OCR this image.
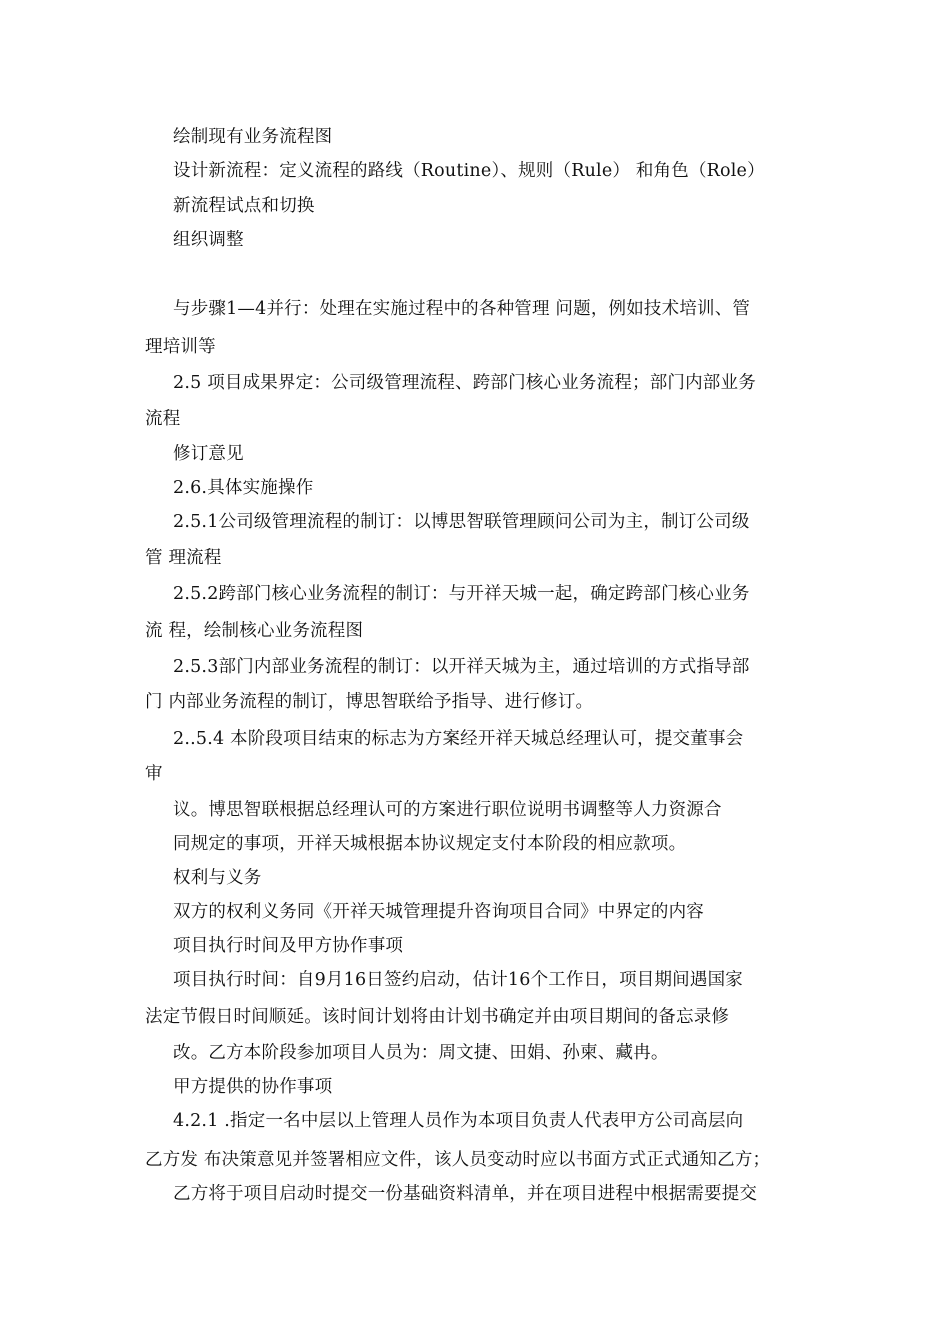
绘制现有业务流程图
设计新流程：定义流程的路线（Routine）、规则（Rule） 和角色（Role）
新流程试点和切换
组织调整
与步骤1—4并行：处理在实施过程中的各种管理 问题，例如技术培训、管
理培训等
2.5 项目成果界定：公司级管理流程、跨部门核心业务流程；部门内部业务
流程
修订意见
2.6.具体实施操作
2.5.1公司级管理流程的制订：以博思智联管理顾问公司为主，制订公司级
管 理流程
2.5.2跨部门核心业务流程的制订：与开祥天城一起，确定跨部门核心业务
流 程，绘制核心业务流程图
2.5.3部门内部业务流程的制订：以开祥天城为主，通过培训的方式指导部
门 内部业务流程的制订，博思智联给予指导、进行修订。
2..5.4 本阶段项目结束的标志为方案经开祥天城总经理认可，提交董事会
审
议。博思智联根据总经理认可的方案进行职位说明书调整等人力资源合
同规定的事项，开祥天城根据本协议规定支付本阶段的相应款项。
权利与义务
双方的权利义务同《开祥天城管理提升咨询项目合同》中界定的内容
项目执行时间及甲方协作事项
项目执行时间：自9月16日签约启动，估计16个工作日，项目期间遇国家
法定节假日时间顺延。该时间计划将由计划书确定并由项目期间的备忘录修
改。乙方本阶段参加项目人员为：周文捷、田娟、孙柬、藏冉。
甲方提供的协作事项
4.2.1 .指定一名中层以上管理人员作为本项目负责人代表甲方公司高层向
乙方发 布决策意见并签署相应文件，该人员变动时应以书面方式正式通知乙方；
乙方将于项目启动时提交一份基础资料清单，并在项目进程中根据需要提交
